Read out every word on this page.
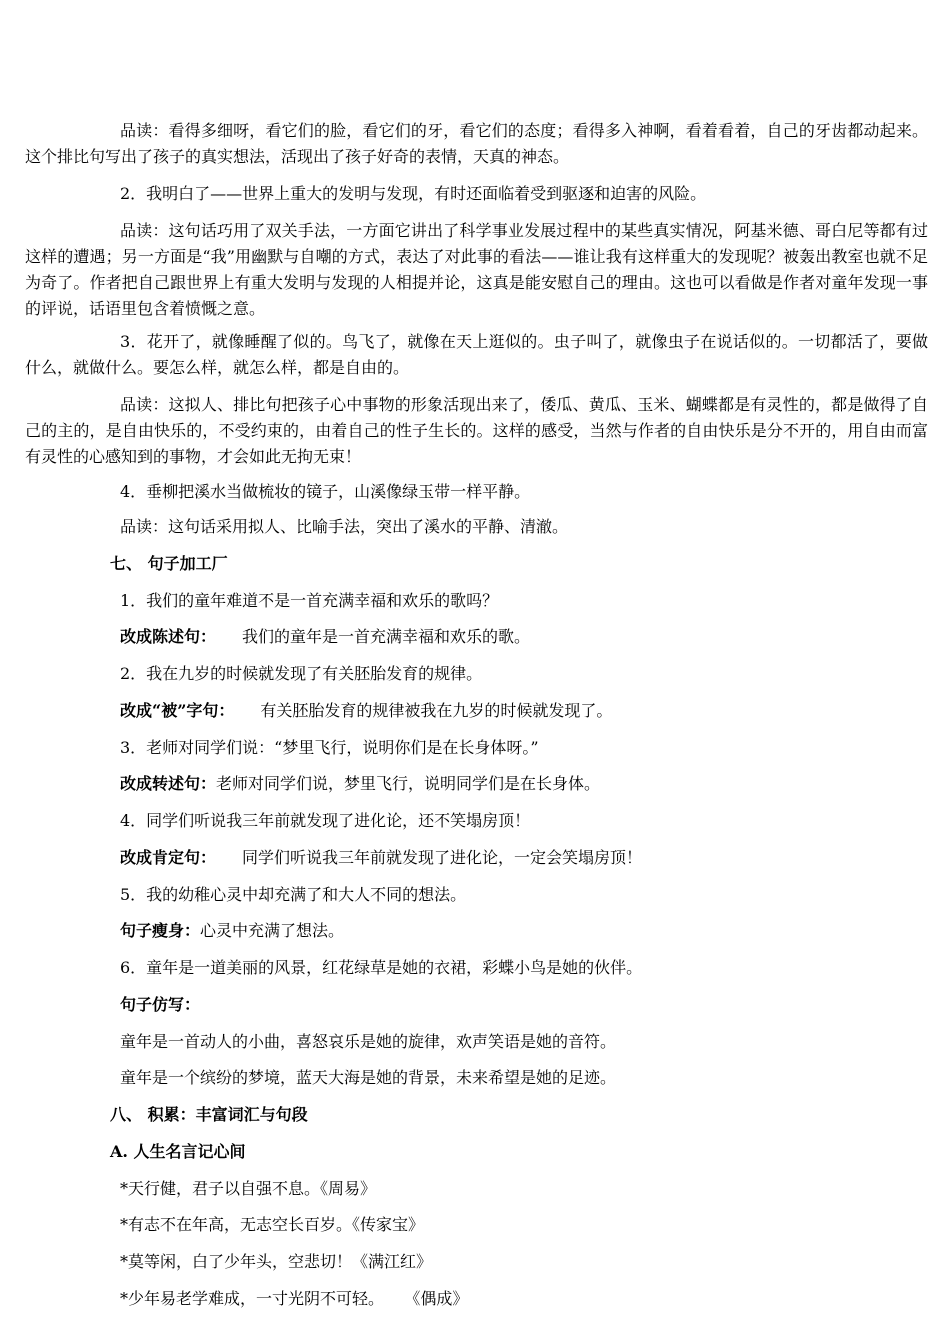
品读：看得多细呀，看它们的脸，看它们的牙，看它们的态度；看得多入神啊，看着看着，自己的牙齿都动起来。这个排比句写出了孩子的真实想法，活现出了孩子好奇的表情，天真的神态。

2．我明白了——世界上重大的发明与发现，有时还面临着受到驱逐和迫害的风险。

品读：这句话巧用了双关手法，一方面它讲出了科学事业发展过程中的某些真实情况，阿基米德、哥白尼等都有过这样的遭遇；另一方面是“我”用幽默与自嘲的方式，表达了对此事的看法——谁让我有这样重大的发现呢？被轰出教室也就不足为奇了。作者把自己跟世界上有重大发明与发现的人相提并论，这真是能安慰自己的理由。这也可以看做是作者对童年发现一事的评说，话语里包含着愤慨之意。

3．花开了，就像睡醒了似的。鸟飞了，就像在天上逛似的。虫子叫了，就像虫子在说话似的。一切都活了，要做什么，就做什么。要怎么样，就怎么样，都是自由的。

品读：这拟人、排比句把孩子心中事物的形象活现出来了，倭瓜、黄瓜、玉米、蝴蝶都是有灵性的，都是做得了自己的主的，是自由快乐的，不受约束的，由着自己的性子生长的。这样的感受，当然与作者的自由快乐是分不开的，用自由而富有灵性的心感知到的事物，才会如此无拘无束！

4．垂柳把溪水当做梳妆的镜子，山溪像绿玉带一样平静。

品读：这句话采用拟人、比喻手法，突出了溪水的平静、清澈。

七、 句子加工厂

1．我们的童年难道不是一首充满幸福和欢乐的歌吗？

改成陈述句： 我们的童年是一首充满幸福和欢乐的歌。

2．我在九岁的时候就发现了有关胚胎发育的规律。

改成“被”字句： 有关胚胎发育的规律被我在九岁的时候就发现了。

3．老师对同学们说：“梦里飞行，说明你们是在长身体呀。”

改成转述句：老师对同学们说，梦里飞行，说明同学们是在长身体。

4．同学们听说我三年前就发现了进化论，还不笑塌房顶！

改成肯定句： 同学们听说我三年前就发现了进化论，一定会笑塌房顶！

5．我的幼稚心灵中却充满了和大人不同的想法。

句子瘦身：心灵中充满了想法。

6．童年是一道美丽的风景，红花绿草是她的衣裙，彩蝶小鸟是她的伙伴。

句子仿写：

童年是一首动人的小曲，喜怒哀乐是她的旋律，欢声笑语是她的音符。

童年是一个缤纷的梦境，蓝天大海是她的背景，未来希望是她的足迹。

八、 积累：丰富词汇与句段

A. 人生名言记心间

*天行健，君子以自强不息。《周易》

*有志不在年高，无志空长百岁。《传家宝》

*莫等闲，白了少年头，空悲切！《满江红》

*少年易老学难成，一寸光阴不可轻。    《偶成》
